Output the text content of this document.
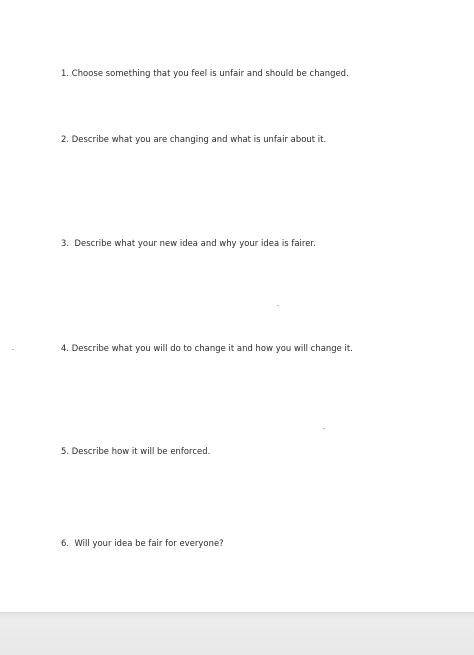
1. Choose something that you feel is unfair and should be changed.

2. Describe what you are changing and what is unfair about it.

3.  Describe what your new idea and why your idea is fairer.

4. Describe what you will do to change it and how you will change it.

5. Describe how it will be enforced.

6.  Will your idea be fair for everyone?
